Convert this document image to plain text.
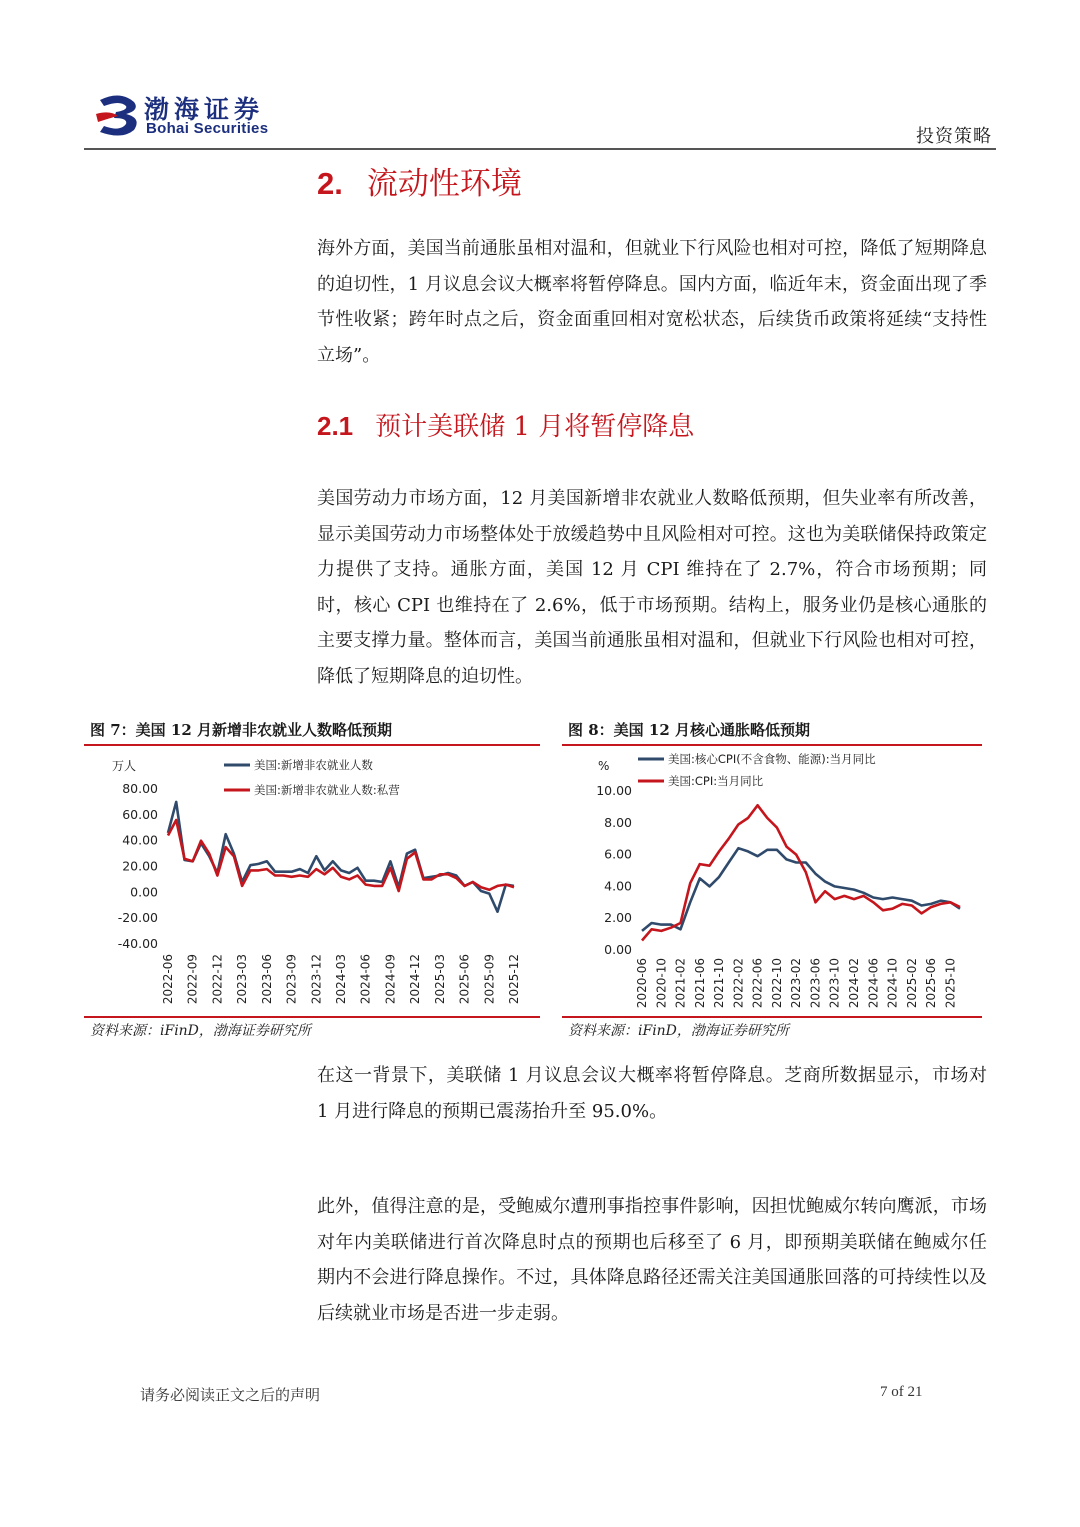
渤海证券
Bohai Securities	投资策略
2. 流动性环境
海外方面，美国当前通胀虽相对温和，但就业下行风险也相对可控，降低了短期降息的迫切性，1 月议息会议大概率将暂停降息。国内方面，临近年末，资金面出现了季节性收紧；跨年时点之后，资金面重回相对宽松状态，后续货币政策将延续“支持性立场”。
2.1 预计美联储 1 月将暂停降息
美国劳动力市场方面，12 月美国新增非农就业人数略低预期，但失业率有所改善，显示美国劳动力市场整体处于放缓趋势中且风险相对可控。这也为美联储保持政策定力提供了支持。通胀方面，美国 12 月 CPI 维持在了 2.7%，符合市场预期；同时，核心 CPI 也维持在了 2.6%，低于市场预期。结构上，服务业仍是核心通胀的主要支撑力量。整体而言，美国当前通胀虽相对温和，但就业下行风险也相对可控，降低了短期降息的迫切性。
图 7：美国 12 月新增非农就业人数略低预期
万人
80.00
60.00
40.00
20.00
0.00
-20.00
-40.00
2022-06 2022-09 2022-12 2023-03 2023-06 2023-09 2023-12 2024-03 2024-06 2024-09 2024-12 2025-03 2025-06 2025-09 2025-12
美国:新增非农就业人数
美国:新增非农就业人数:私营
资料来源：iFinD，渤海证券研究所
图 8：美国 12 月核心通胀略低预期
%
10.00
8.00
6.00
4.00
2.00
0.00
2020-06 2020-10 2021-02 2021-06 2021-10 2022-02 2022-06 2022-10 2023-02 2023-06 2023-10 2024-02 2024-06 2024-10 2025-02 2025-06 2025-10
美国:核心CPI(不含食物、能源):当月同比
美国:CPI:当月同比
资料来源：iFinD，渤海证券研究所
在这一背景下，美联储 1 月议息会议大概率将暂停降息。芝商所数据显示，市场对 1 月进行降息的预期已震荡抬升至 95.0%。
此外，值得注意的是，受鲍威尔遭刑事指控事件影响，因担忧鲍威尔转向鹰派，市场对年内美联储进行首次降息时点的预期也后移至了 6 月，即预期美联储在鲍威尔任期内不会进行降息操作。不过，具体降息路径还需关注美国通胀回落的可持续性以及后续就业市场是否进一步走弱。
请务必阅读正文之后的声明	7 of 21
